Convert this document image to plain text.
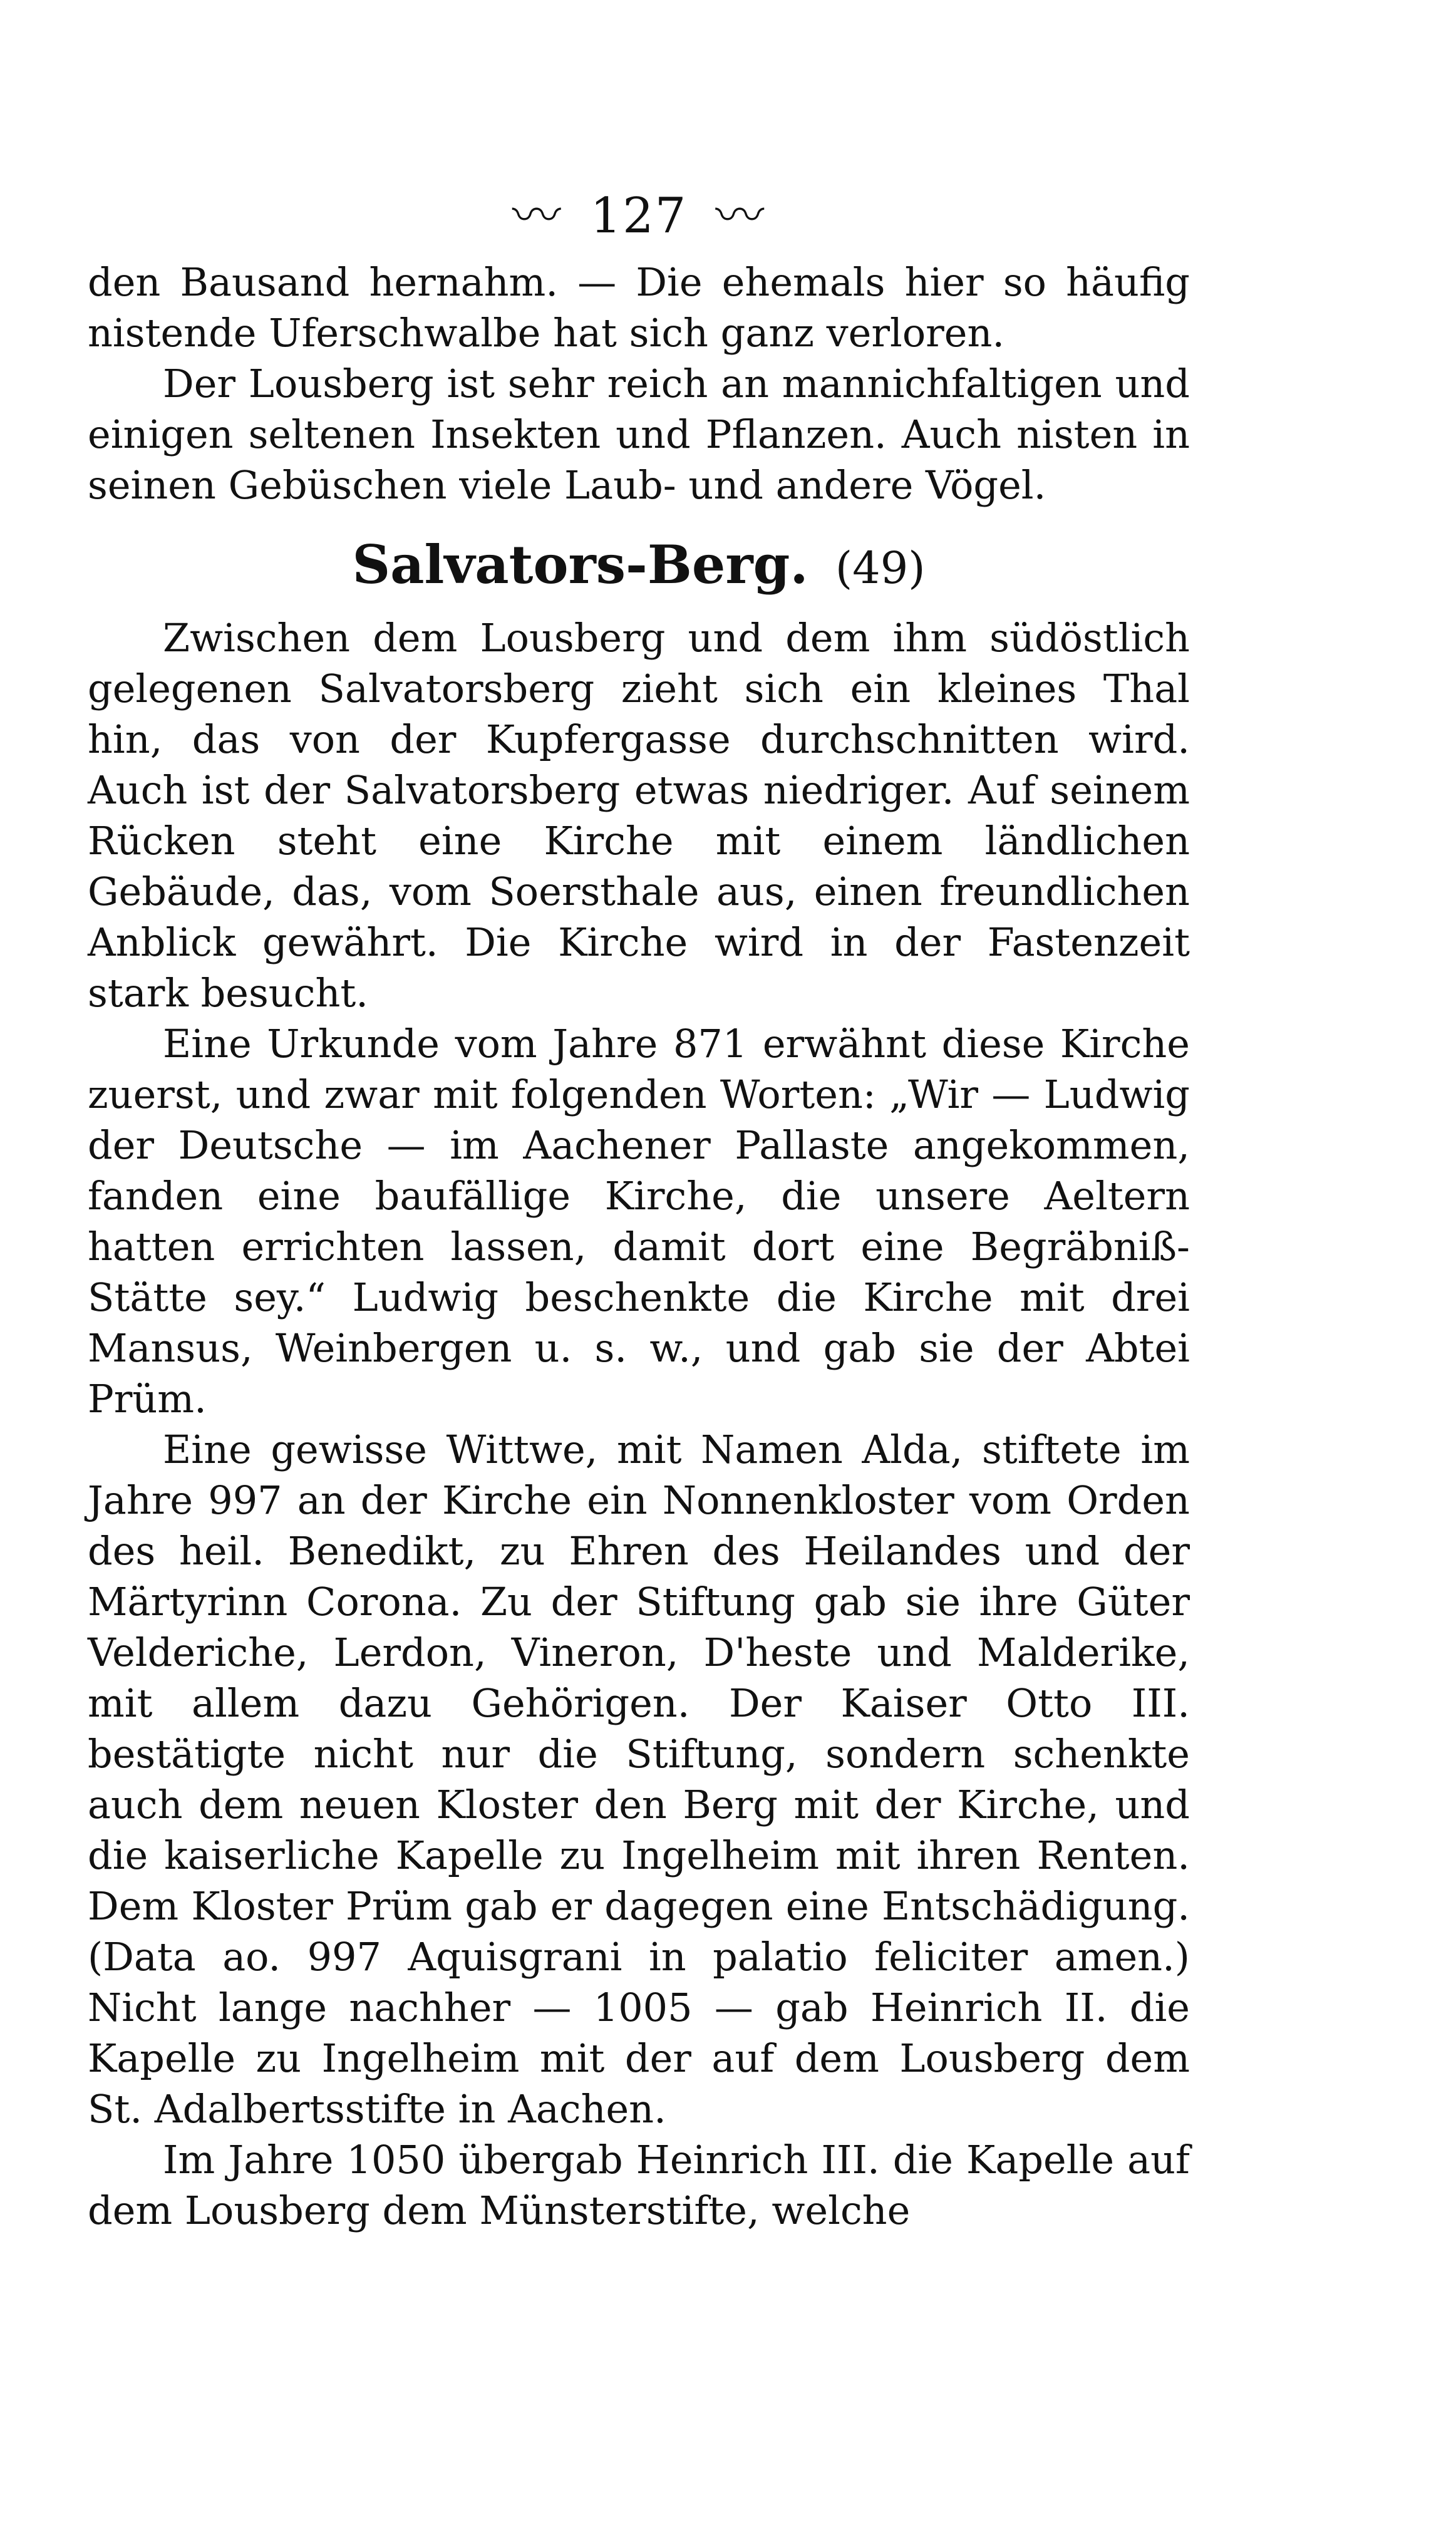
〰 127 〰

den Bausand hernahm. — Die ehemals hier so häufig nistende Uferschwalbe hat sich ganz verloren.

Der Lousberg ist sehr reich an mannichfaltigen und einigen seltenen Insekten und Pflanzen. Auch nisten in seinen Gebüschen viele Laub- und andere Vögel.

Salvators-Berg. (49)

Zwischen dem Lousberg und dem ihm südöstlich gelegenen Salvatorsberg zieht sich ein kleines Thal hin, das von der Kupfergasse durchschnitten wird. Auch ist der Salvatorsberg etwas niedriger. Auf seinem Rücken steht eine Kirche mit einem ländlichen Gebäude, das, vom Soersthale aus, einen freundlichen Anblick gewährt. Die Kirche wird in der Fastenzeit stark besucht.

Eine Urkunde vom Jahre 871 erwähnt diese Kirche zuerst, und zwar mit folgenden Worten: „Wir — Ludwig der Deutsche — im Aachener Pallaste angekommen, fanden eine baufällige Kirche, die unsere Aeltern hatten errichten lassen, damit dort eine Begräbniß-Stätte sey.“ Ludwig beschenkte die Kirche mit drei Mansus, Weinbergen u. s. w., und gab sie der Abtei Prüm.

Eine gewisse Wittwe, mit Namen Alda, stiftete im Jahre 997 an der Kirche ein Nonnenkloster vom Orden des heil. Benedikt, zu Ehren des Heilandes und der Märtyrinn Corona. Zu der Stiftung gab sie ihre Güter Velderiche, Lerdon, Vineron, D'heste und Malderike, mit allem dazu Gehörigen. Der Kaiser Otto III. bestätigte nicht nur die Stiftung, sondern schenkte auch dem neuen Kloster den Berg mit der Kirche, und die kaiserliche Kapelle zu Ingelheim mit ihren Renten. Dem Kloster Prüm gab er dagegen eine Entschädigung. (Data ao. 997 Aquisgrani in palatio feliciter amen.) Nicht lange nachher — 1005 — gab Heinrich II. die Kapelle zu Ingelheim mit der auf dem Lousberg dem St. Adalbertsstifte in Aachen.

Im Jahre 1050 übergab Heinrich III. die Kapelle auf dem Lousberg dem Münsterstifte, welche
